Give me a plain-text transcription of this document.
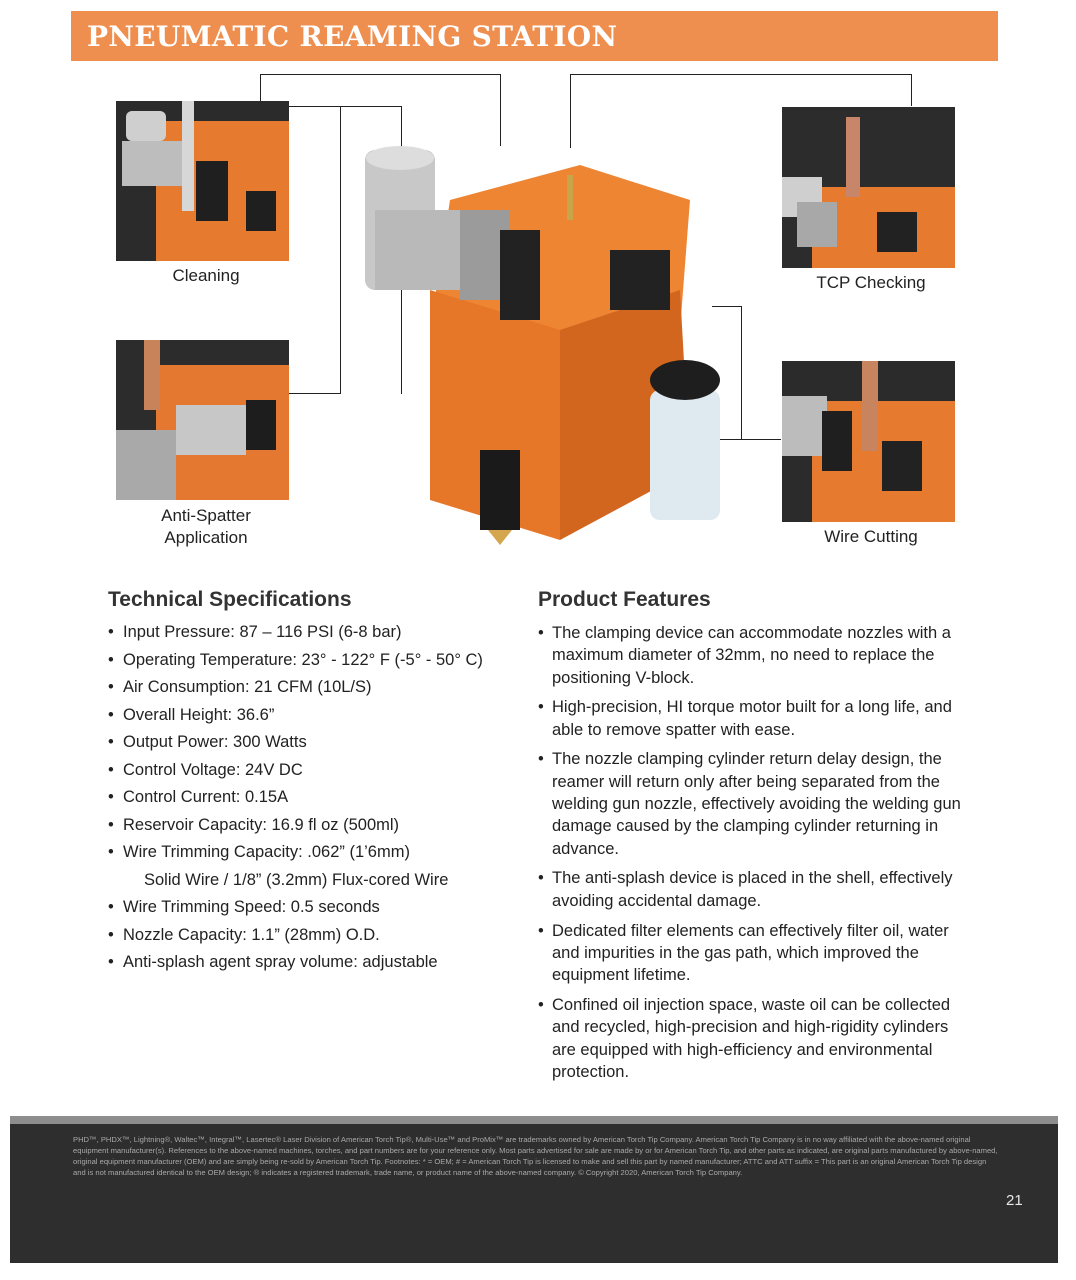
PNEUMATIC REAMING STATION
Cleaning
Anti-Spatter Application
TCP Checking
Wire Cutting
Technical Specifications
• Input Pressure: 87 – 116 PSI (6-8 bar)
• Operating Temperature: 23° - 122° F (-5° - 50° C)
• Air Consumption: 21 CFM (10L/S)
• Overall Height: 36.6”
• Output Power: 300 Watts
• Control Voltage: 24V DC
• Control Current: 0.15A
• Reservoir Capacity: 16.9 fl oz (500ml)
• Wire Trimming Capacity: .062” (1’6mm)
Solid Wire / 1/8” (3.2mm) Flux-cored Wire
• Wire Trimming Speed: 0.5 seconds
• Nozzle Capacity: 1.1” (28mm) O.D.
• Anti-splash agent spray volume: adjustable
Product Features
• The clamping device can accommodate nozzles with a maximum diameter of 32mm, no need to replace the positioning V-block.
• High-precision, HI torque motor built for a long life, and able to remove spatter with ease.
• The nozzle clamping cylinder return delay design, the reamer will return only after being separated from the welding gun nozzle, effectively avoiding the welding gun damage caused by the clamping cylinder returning in advance.
• The anti-splash device is placed in the shell, effectively avoiding accidental damage.
• Dedicated filter elements can effectively filter oil, water and impurities in the gas path, which improved the equipment lifetime.
• Confined oil injection space, waste oil can be collected and recycled, high-precision and high-rigidity cylinders are equipped with high-efficiency and environmental protection.
PHD™, PHDX™, Lightning®, Waltec™, Integral™, Lasertec® Laser Division of American Torch Tip®, Multi-Use™ and ProMix™ are trademarks owned by American Torch Tip Company. American Torch Tip Company is in no way affiliated with the above-named original equipment manufacturer(s). References to the above-named machines, torches, and part numbers are for your reference only. Most parts advertised for sale are made by or for American Torch Tip, and other parts as indicated, are original parts manufactured by above-named, original equipment manufacturer (OEM) and are simply being re-sold by American Torch Tip. Footnotes: * = OEM; # = American Torch Tip is licensed to make and sell this part by named manufacturer; ATTC and ATT suffix = This part is an original American Torch Tip design and is not manufactured identical to the OEM design; ® indicates a registered trademark, trade name, or product name of the above-named company. © Copyright 2020, American Torch Tip Company.
21
